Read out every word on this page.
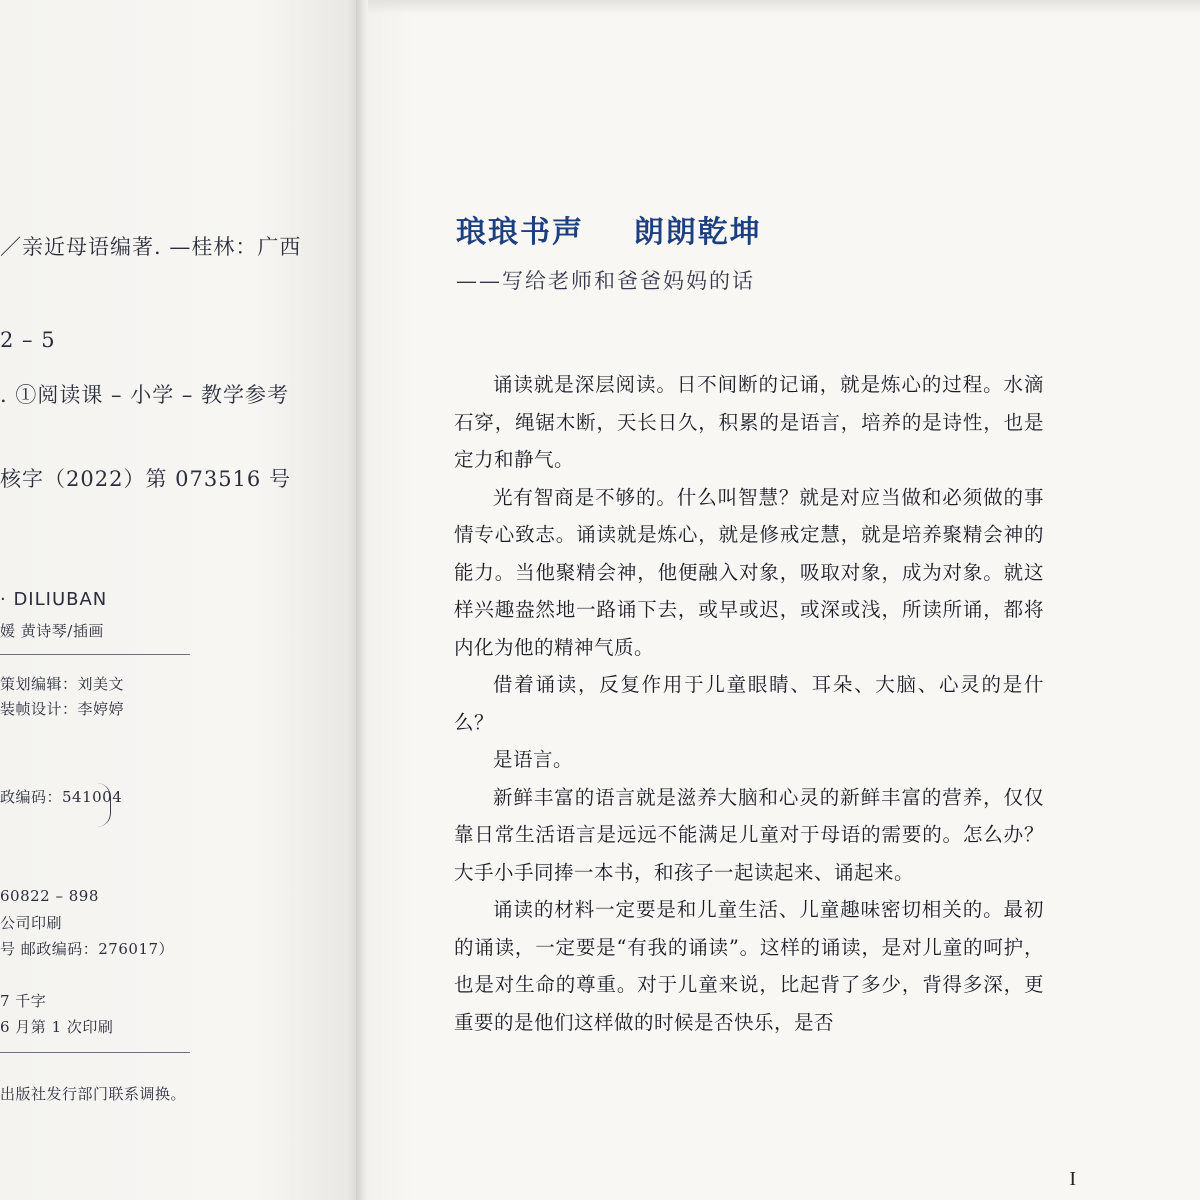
／亲近母语编著. —桂林：广西
2 – 5
. ①阅读课 – 小学 – 教学参考
核字（2022）第 073516 号
· DILIUBAN
媛 黄诗琴/插画
策划编辑：刘美文
装帧设计：李婷婷
政编码：541004
60822 – 898
公司印刷
号 邮政编码：276017）
7 千字
6 月第 1 次印刷
出版社发行部门联系调换。
琅琅书声    朗朗乾坤
——写给老师和爸爸妈妈的话

诵读就是深层阅读。日不间断的记诵，就是炼心的过程。水滴石穿，绳锯木断，天长日久，积累的是语言，培养的是诗性，也是定力和静气。

光有智商是不够的。什么叫智慧？就是对应当做和必须做的事情专心致志。诵读就是炼心，就是修戒定慧，就是培养聚精会神的能力。当他聚精会神，他便融入对象，吸取对象，成为对象。就这样兴趣盎然地一路诵下去，或早或迟，或深或浅，所读所诵，都将内化为他的精神气质。

借着诵读，反复作用于儿童眼睛、耳朵、大脑、心灵的是什么？

是语言。

新鲜丰富的语言就是滋养大脑和心灵的新鲜丰富的营养，仅仅靠日常生活语言是远远不能满足儿童对于母语的需要的。怎么办？大手小手同捧一本书，和孩子一起读起来、诵起来。

诵读的材料一定要是和儿童生活、儿童趣味密切相关的。最初的诵读，一定要是“有我的诵读”。这样的诵读，是对儿童的呵护，也是对生命的尊重。对于儿童来说，比起背了多少，背得多深，更重要的是他们这样做的时候是否快乐，是否

I
